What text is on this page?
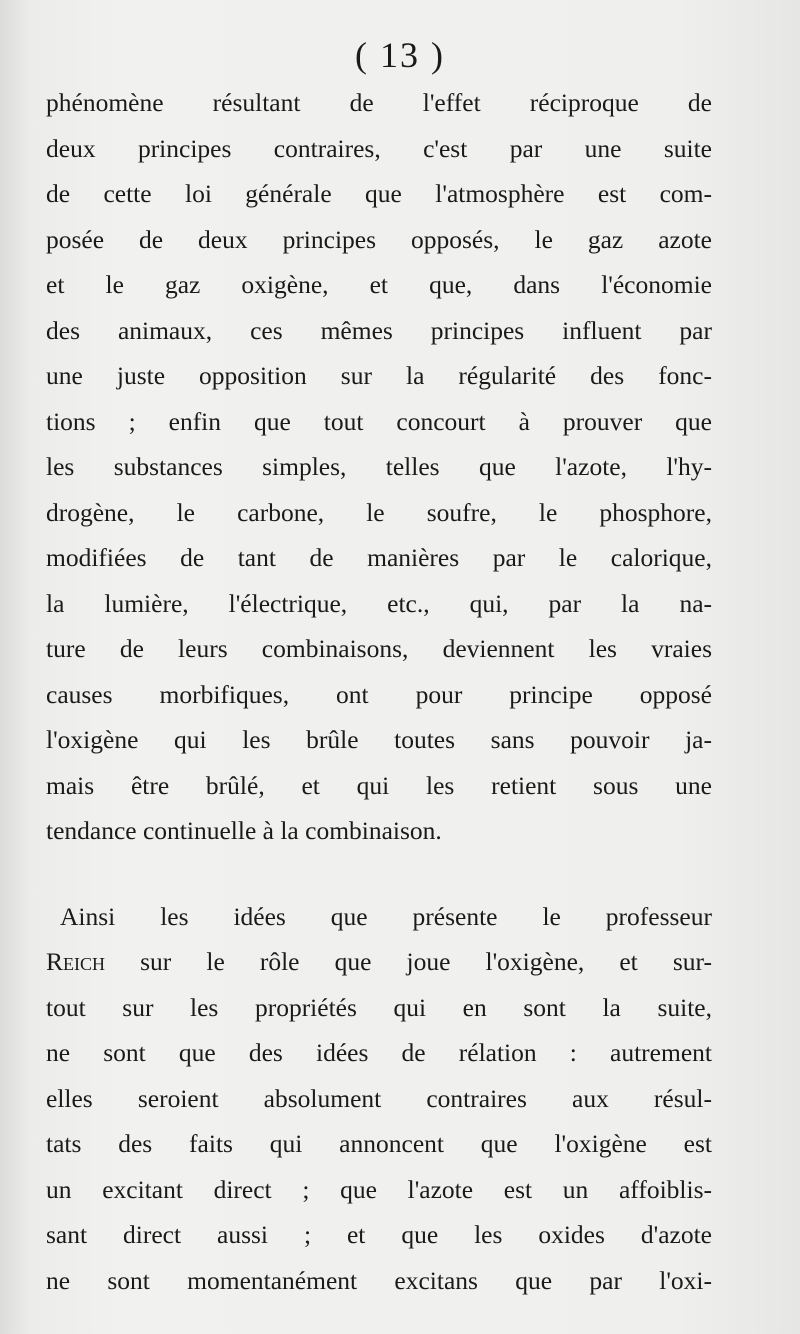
( 13 )
phénomène résultant de l'effet réciproque de
deux principes contraires, c'est par une suite
de cette loi générale que l'atmosphère est com-
posée de deux principes opposés, le gaz azote
et le gaz oxigène, et que, dans l'économie
des animaux, ces mêmes principes influent par
une juste opposition sur la régularité des fonc-
tions ; enfin que tout concourt à prouver que
les substances simples, telles que l'azote, l'hy-
drogène, le carbone, le soufre, le phosphore,
modifiées de tant de manières par le calorique,
la lumière, l'électrique, etc., qui, par la na-
ture de leurs combinaisons, deviennent les vraies
causes morbifiques, ont pour principe opposé
l'oxigène qui les brûle toutes sans pouvoir ja-
mais être brûlé, et qui les retient sous une
tendance continuelle à la combinaison.
Ainsi les idées que présente le professeur
Reich sur le rôle que joue l'oxigène, et sur-
tout sur les propriétés qui en sont la suite,
ne sont que des idées de rélation : autrement
elles seroient absolument contraires aux résul-
tats des faits qui annoncent que l'oxigène est
un excitant direct ; que l'azote est un affoiblis-
sant direct aussi ; et que les oxides d'azote
ne sont momentanément excitans que par l'oxi-
